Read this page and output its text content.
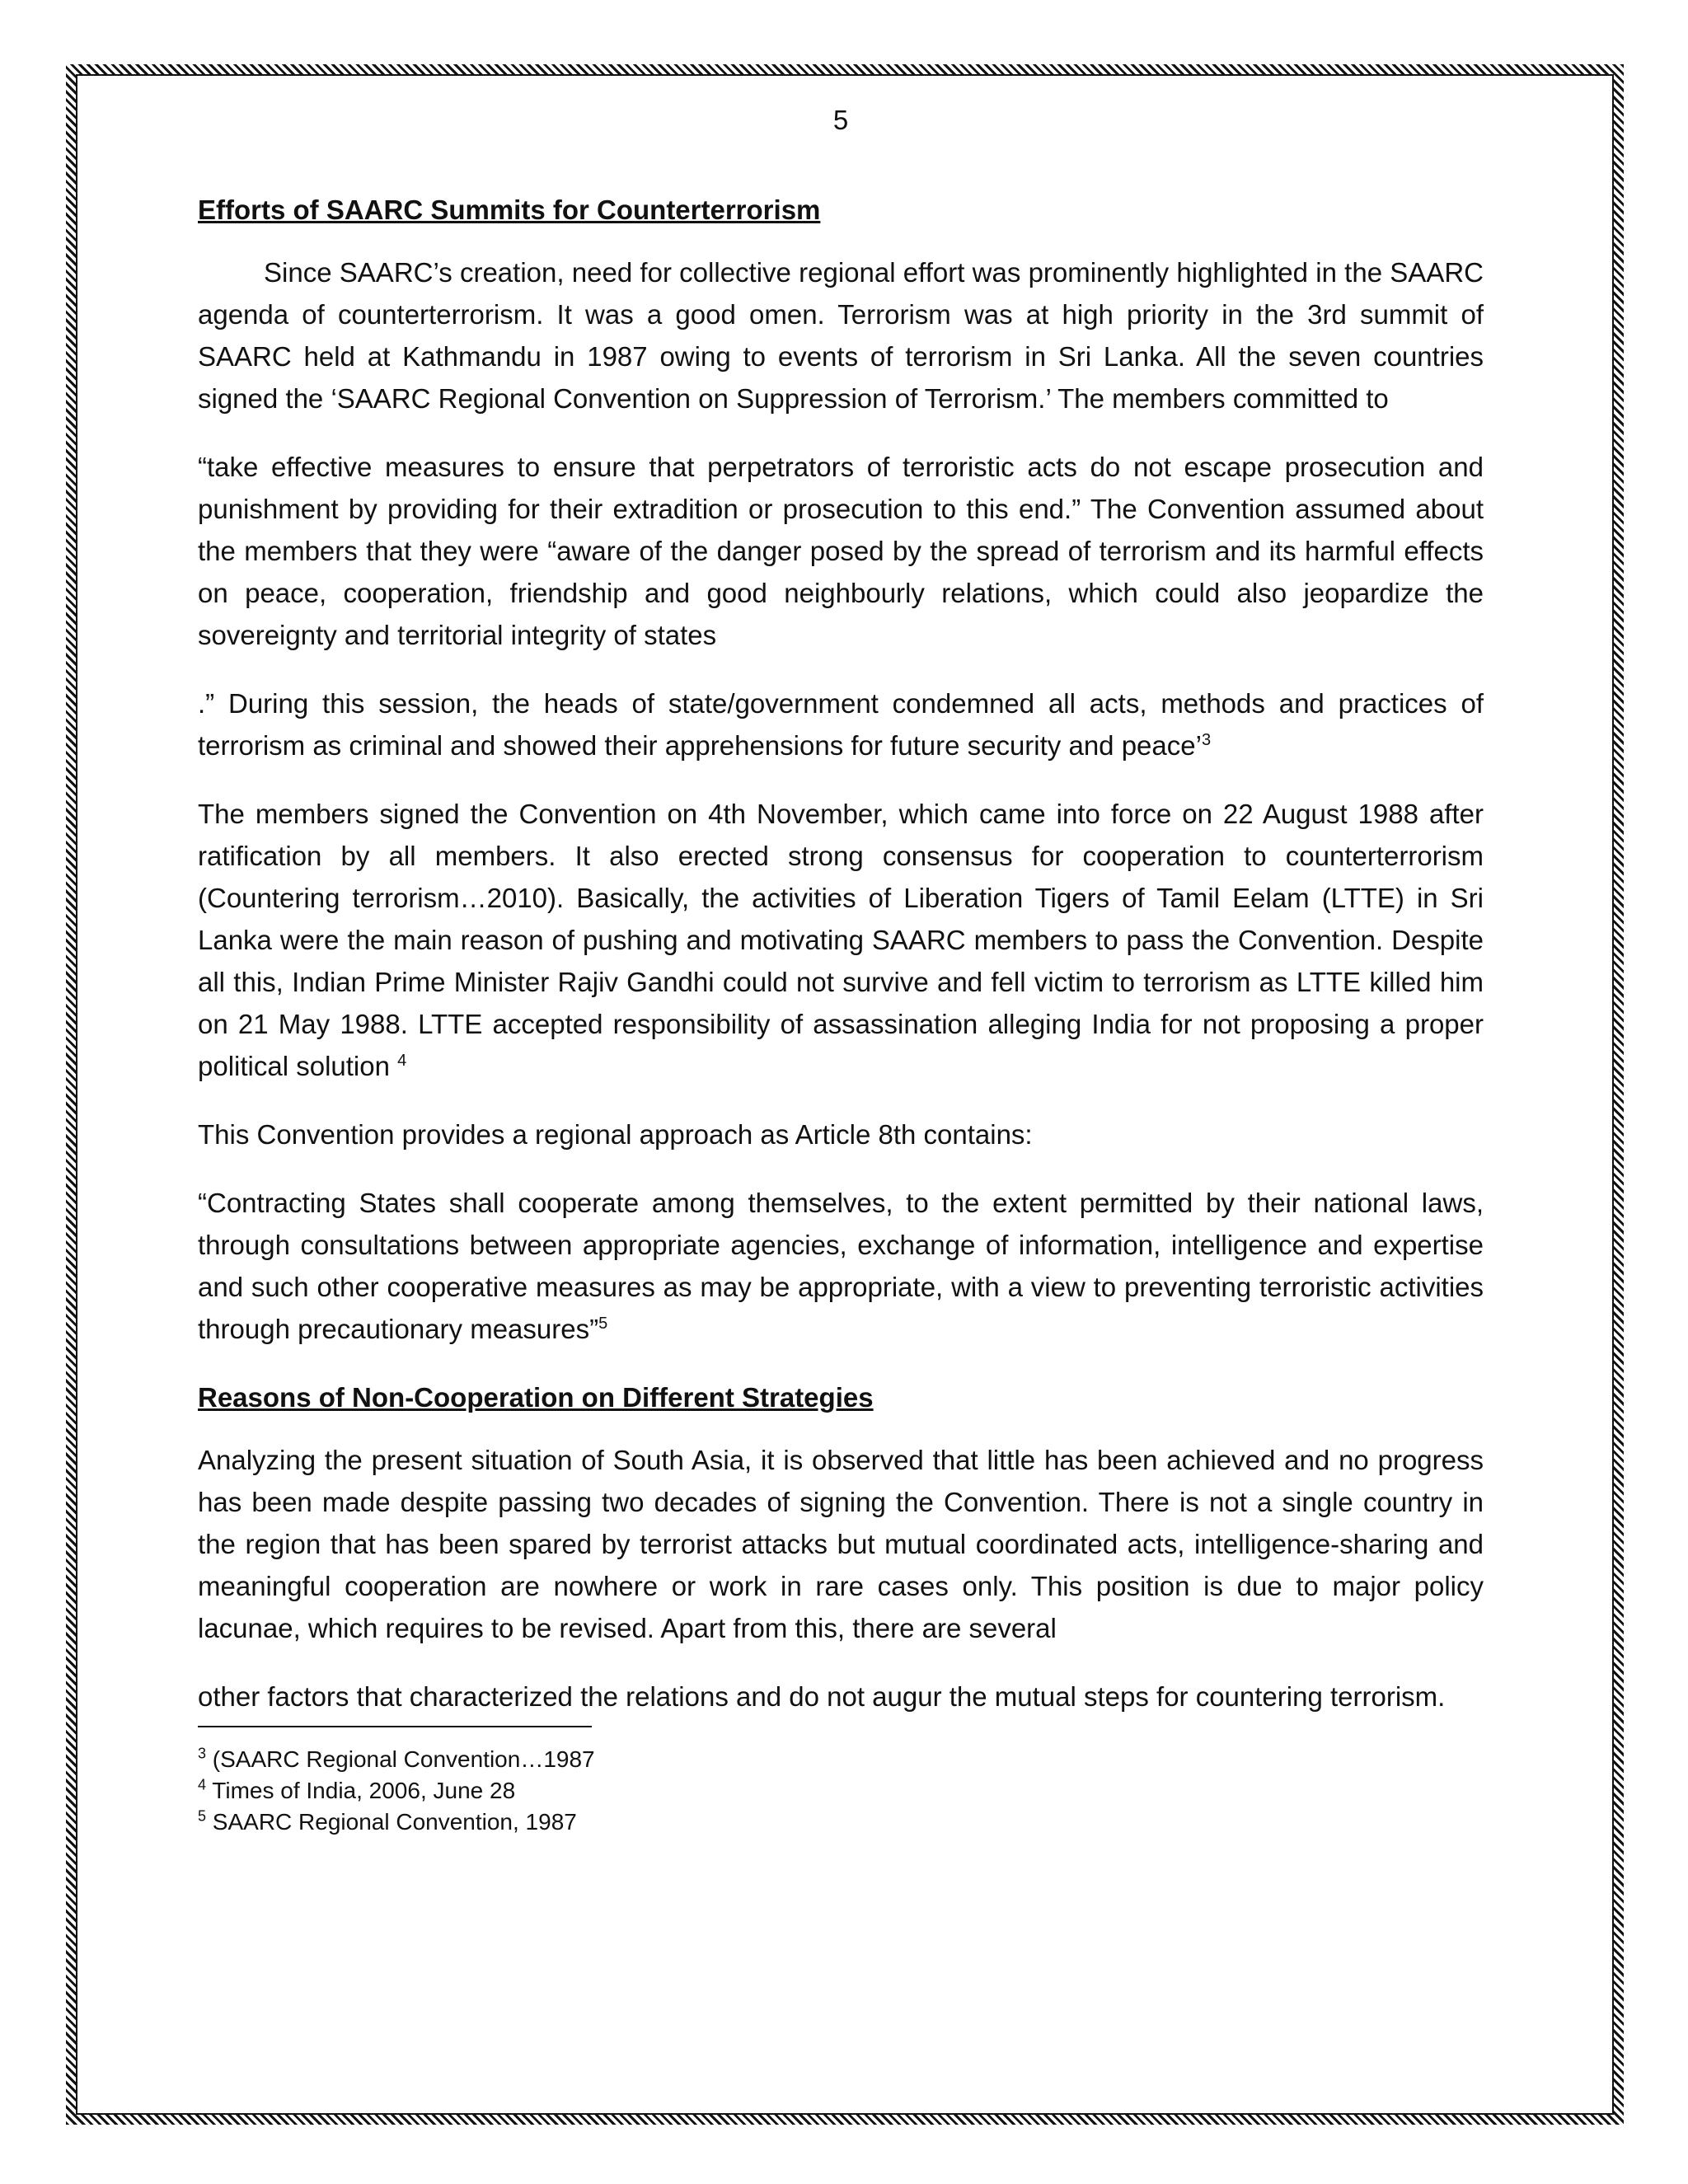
5
Efforts of SAARC Summits for Counterterrorism

Since SAARC’s creation, need for collective regional effort was prominently highlighted in the SAARC agenda of counterterrorism. It was a good omen. Terrorism was at high priority in the 3rd summit of SAARC held at Kathmandu in 1987 owing to events of terrorism in Sri Lanka. All the seven countries signed the ‘SAARC Regional Convention on Suppression of Terrorism.’ The members committed to

“take effective measures to ensure that perpetrators of terroristic acts do not escape prosecution and punishment by providing for their extradition or prosecution to this end.” The Convention assumed about the members that they were “aware of the danger posed by the spread of terrorism and its harmful effects on peace, cooperation, friendship and good neighbourly relations, which could also jeopardize the sovereignty and territorial integrity of states

.” During this session, the heads of state/government condemned all acts, methods and practices of terrorism as criminal and showed their apprehensions for future security and peace’$^3$

The members signed the Convention on 4th November, which came into force on 22 August 1988 after ratification by all members. It also erected strong consensus for cooperation to counterterrorism (Countering terrorism…2010). Basically, the activities of Liberation Tigers of Tamil Eelam (LTTE) in Sri Lanka were the main reason of pushing and motivating SAARC members to pass the Convention. Despite all this, Indian Prime Minister Rajiv Gandhi could not survive and fell victim to terrorism as LTTE killed him on 21 May 1988. LTTE accepted responsibility of assassination alleging India for not proposing a proper political solution $^4$

This Convention provides a regional approach as Article 8th contains:

“Contracting States shall cooperate among themselves, to the extent permitted by their national laws, through consultations between appropriate agencies, exchange of information, intelligence and expertise and such other cooperative measures as may be appropriate, with a view to preventing terroristic activities through precautionary measures”$^5$

Reasons of Non-Cooperation on Different Strategies

Analyzing the present situation of South Asia, it is observed that little has been achieved and no progress has been made despite passing two decades of signing the Convention. There is not a single country in the region that has been spared by terrorist attacks but mutual coordinated acts, intelligence-sharing and meaningful cooperation are nowhere or work in rare cases only. This position is due to major policy lacunae, which requires to be revised. Apart from this, there are several

other factors that characterized the relations and do not augur the mutual steps for countering terrorism.

$^3$ (SAARC Regional Convention…1987
$^4$ Times of India, 2006, June 28
$^5$ SAARC Regional Convention, 1987
